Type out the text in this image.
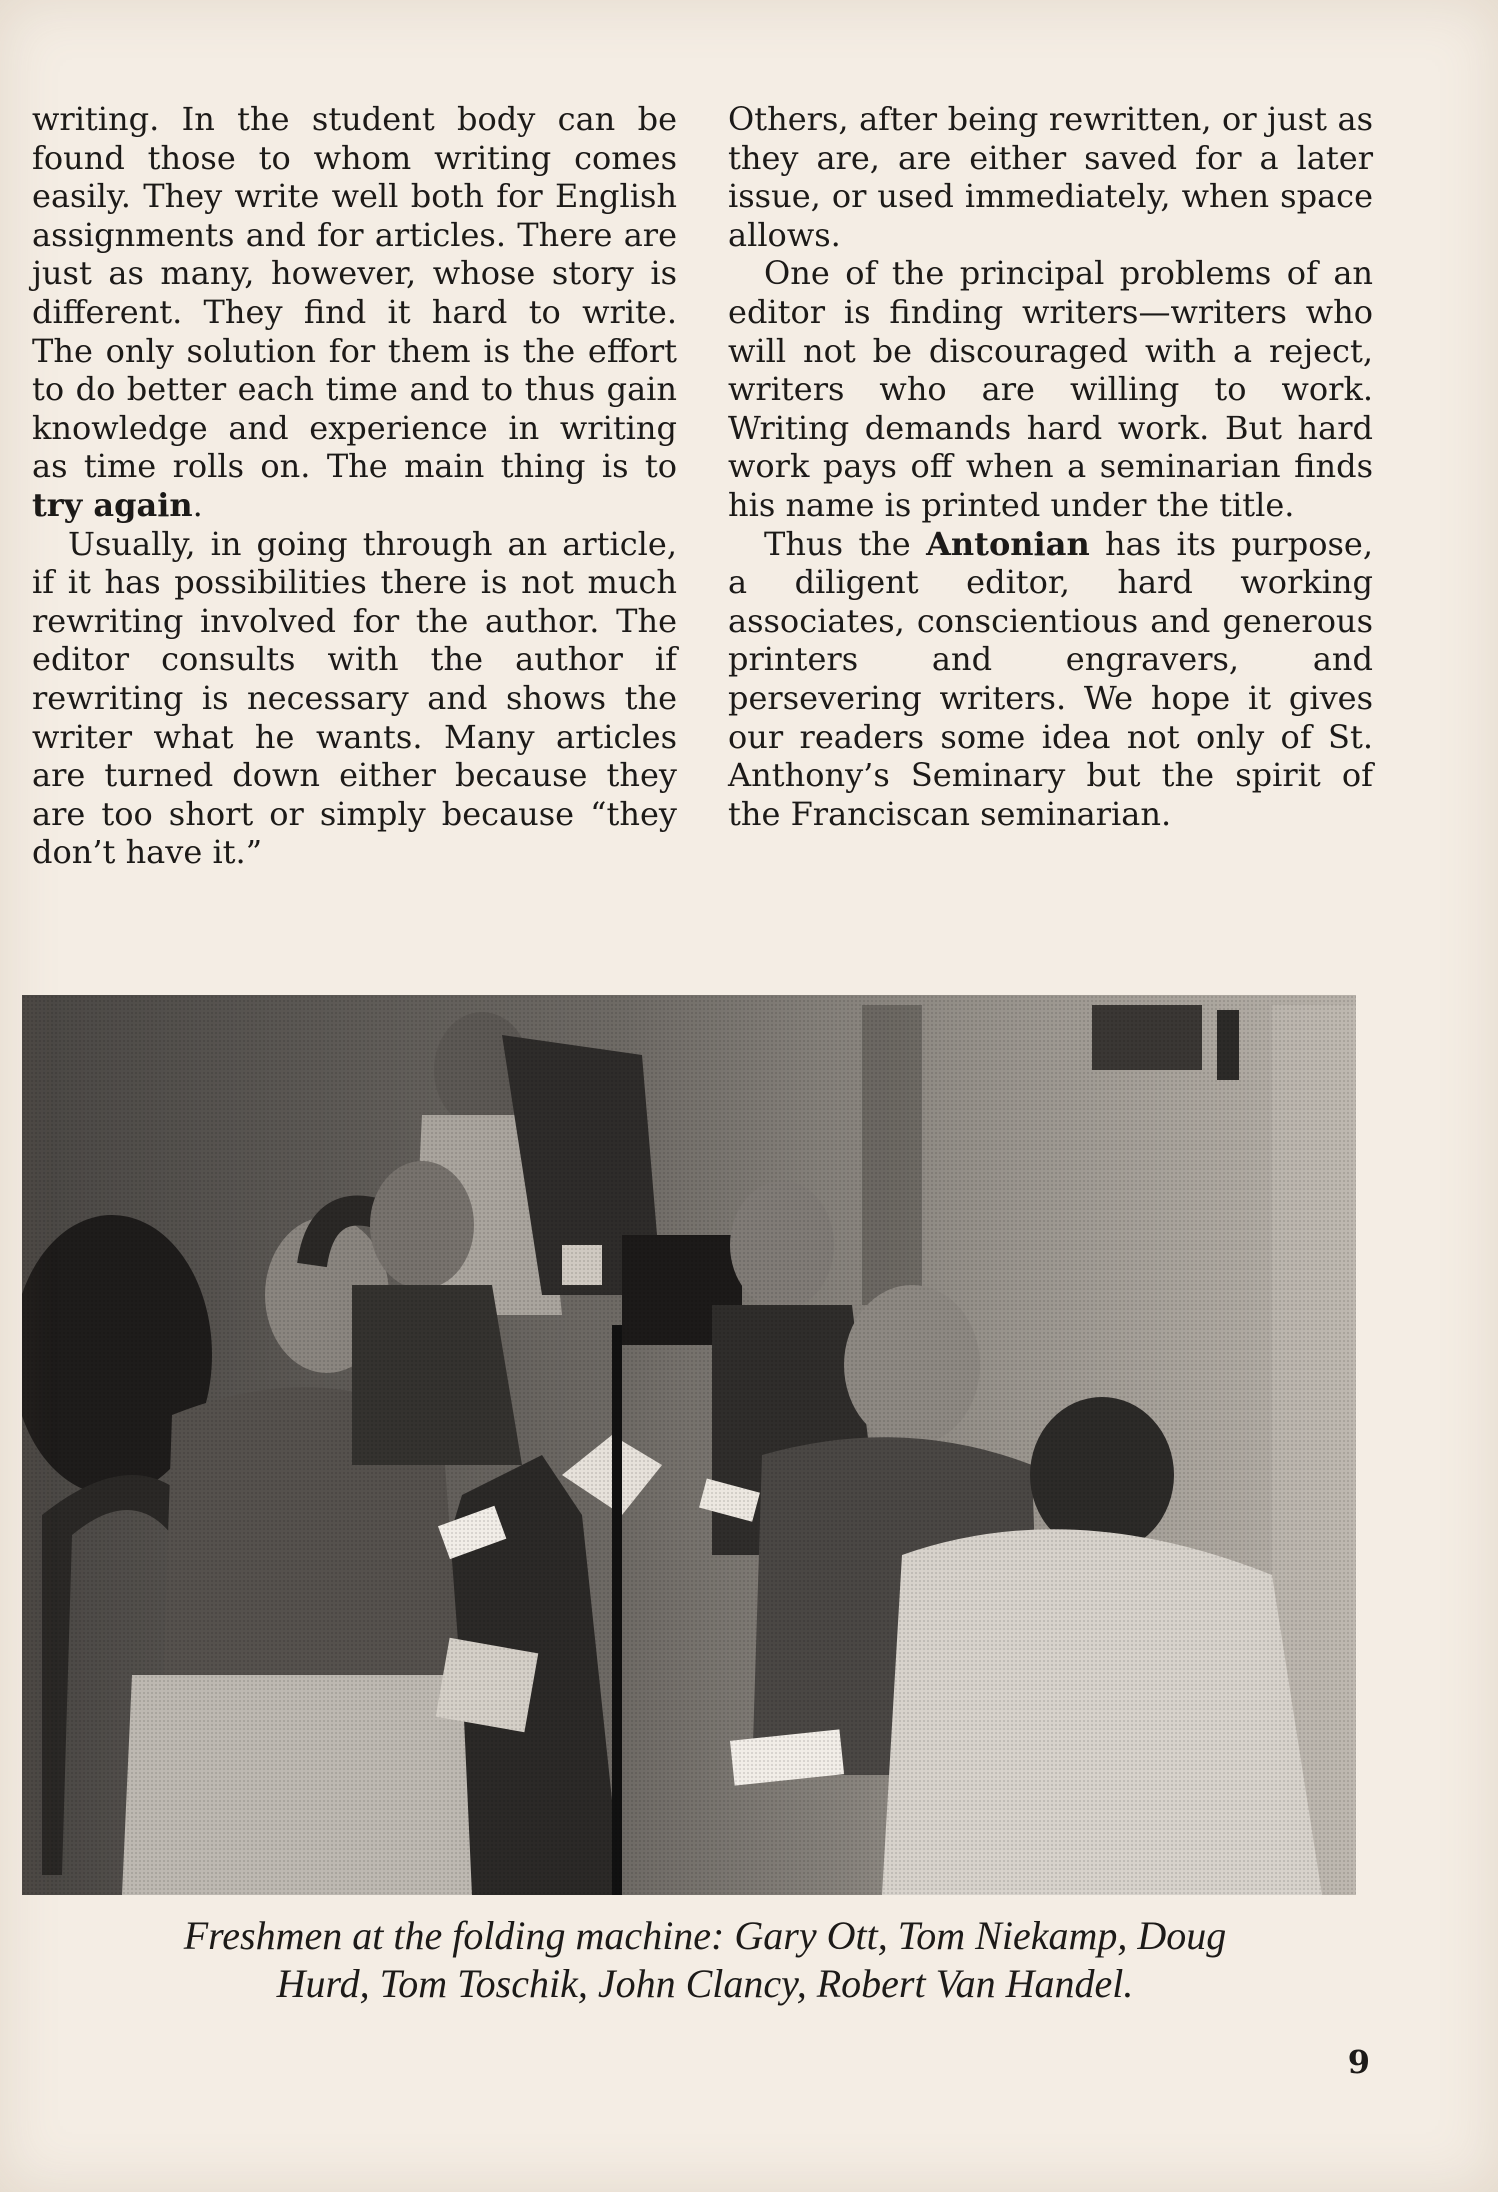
writing. In the student body can be found those to whom writing comes easily. They write well both for English assignments and for articles. There are just as many, however, whose story is different. They find it hard to write. The only solution for them is the effort to do better each time and to thus gain knowledge and experience in writing as time rolls on. The main thing is to try again.

Usually, in going through an article, if it has possibilities there is not much rewriting involved for the author. The editor consults with the author if rewriting is necessary and shows the writer what he wants. Many articles are turned down either because they are too short or simply because “they don’t have it.”

Others, after being rewritten, or just as they are, are either saved for a later issue, or used immediately, when space allows.

One of the principal problems of an editor is finding writers—writers who will not be discouraged with a reject, writers who are willing to work. Writing demands hard work. But hard work pays off when a seminarian finds his name is printed under the title.

Thus the Antonian has its purpose, a diligent editor, hard working associates, conscientious and generous printers and engravers, and persevering writers. We hope it gives our readers some idea not only of St. Anthony’s Seminary but the spirit of the Franciscan seminarian.

Freshmen at the folding machine: Gary Ott, Tom Niekamp, Doug
Hurd, Tom Toschik, John Clancy, Robert Van Handel.
9
